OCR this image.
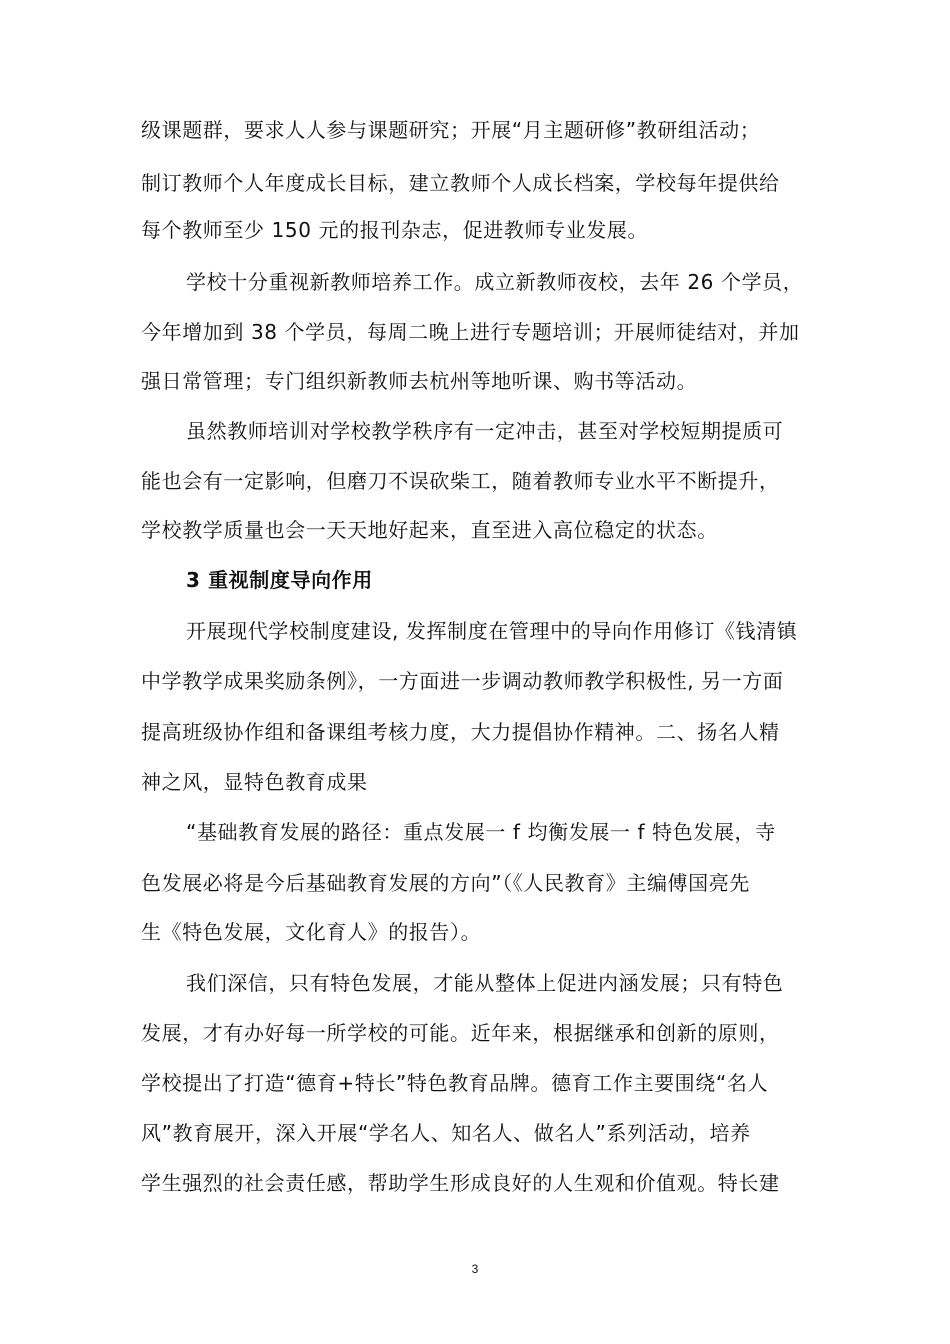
级课题群，要求人人参与课题研究；开展“月主题研修”教研组活动；
制订教师个人年度成长目标，建立教师个人成长档案，学校每年提供给
每个教师至少 150 元的报刊杂志，促进教师专业发展。
学校十分重视新教师培养工作。成立新教师夜校，去年 26 个学员，
今年增加到 38 个学员，每周二晚上进行专题培训；开展师徒结对，并加
强日常管理；专门组织新教师去杭州等地听课、购书等活动。
虽然教师培训对学校教学秩序有一定冲击，甚至对学校短期提质可
能也会有一定影响，但磨刀不误砍柴工，随着教师专业水平不断提升，
学校教学质量也会一天天地好起来，直至进入高位稳定的状态。
3 重视制度导向作用
开展现代学校制度建设, 发挥制度在管理中的导向作用修订《钱清镇
中学教学成果奖励条例》，一方面进一步调动教师教学积极性, 另一方面
提高班级协作组和备课组考核力度，大力提倡协作精神。二、扬名人精
神之风，显特色教育成果
“基础教育发展的路径：重点发展一 f 均衡发展一 f 特色发展，寺
色发展必将是今后基础教育发展的方向”（《人民教育》主编傅国亮先
生《特色发展，文化育人》的报告）。
我们深信，只有特色发展，才能从整体上促进内涵发展；只有特色
发展，才有办好每一所学校的可能。近年来，根据继承和创新的原则，
学校提出了打造“德育+特长”特色教育品牌。德育工作主要围绕“名人
风”教育展开，深入开展“学名人、知名人、做名人”系列活动，培养
学生强烈的社会责任感，帮助学生形成良好的人生观和价值观。特长建
3
